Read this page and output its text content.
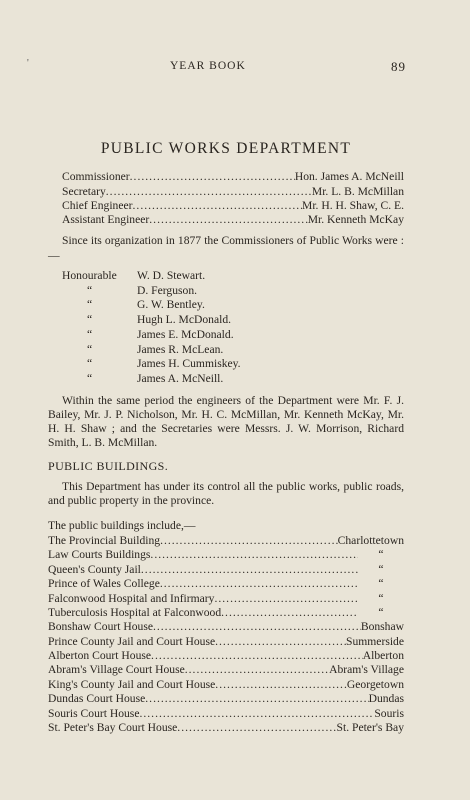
'	YEAR BOOK	89
PUBLIC WORKS DEPARTMENT
Commissioner .....	Hon. James A. McNeill
Secretary .....	Mr. L. B. McMillan
Chief Engineer .....	Mr. H. H. Shaw, C. E.
Assistant Engineer .....	Mr. Kenneth McKay
Since its organization in 1877 the Commissioners of Public Works were :—
Honourable	W. D. Stewart.
“	D. Ferguson.
“	G. W. Bentley.
“	Hugh L. McDonald.
“	James E. McDonald.
“	James R. McLean.
“	James H. Cummiskey.
“	James A. McNeill.
Within the same period the engineers of the Department were Mr. F. J. Bailey, Mr. J. P. Nicholson, Mr. H. C. McMillan, Mr. Kenneth McKay, Mr. H. H. Shaw ; and the Secretaries were Messrs. J. W. Morrison, Richard Smith, L. B. McMillan.
PUBLIC BUILDINGS.
This Department has under its control all the public works, public roads, and public property in the province.
The public buildings include,—
The Provincial Building .....	Charlottetown
Law Courts Buildings .....	“
Queen's County Jail .....	“
Prince of Wales College .....	“
Falconwood Hospital and Infirmary .....	“
Tuberculosis Hospital at Falconwood .....	“
Bonshaw Court House .....	Bonshaw
Prince County Jail and Court House .....	Summerside
Alberton Court House .....	Alberton
Abram's Village Court House .....	Abram's Village
King's County Jail and Court House .....	Georgetown
Dundas Court House .....	Dundas
Souris Court House .....	Souris
St. Peter's Bay Court House .....	St. Peter's Bay
